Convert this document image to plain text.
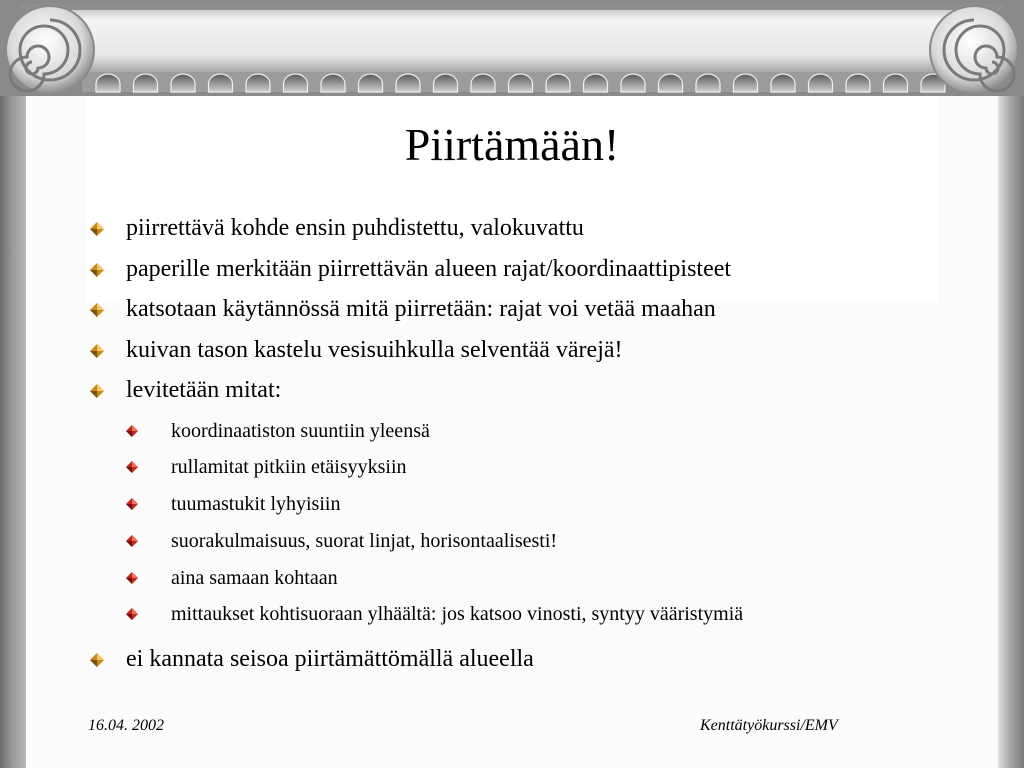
Piirtämään!
piirrettävä kohde ensin puhdistettu, valokuvattu
paperille merkitään piirrettävän alueen rajat/koordinaattipisteet
katsotaan käytännössä mitä piirretään: rajat voi vetää maahan
kuivan tason kastelu vesisuihkulla selventää värejä!
levitetään mitat:
koordinaatiston suuntiin yleensä
rullamitat pitkiin etäisyyksiin
tuumastukit lyhyisiin
suorakulmaisuus, suorat linjat, horisontaalisesti!
aina samaan kohtaan
mittaukset kohtisuoraan ylhäältä: jos katsoo vinosti, syntyy vääristymiä
ei kannata seisoa piirtämättömällä alueella
16.04. 2002	Kenttätyökurssi/EMV
